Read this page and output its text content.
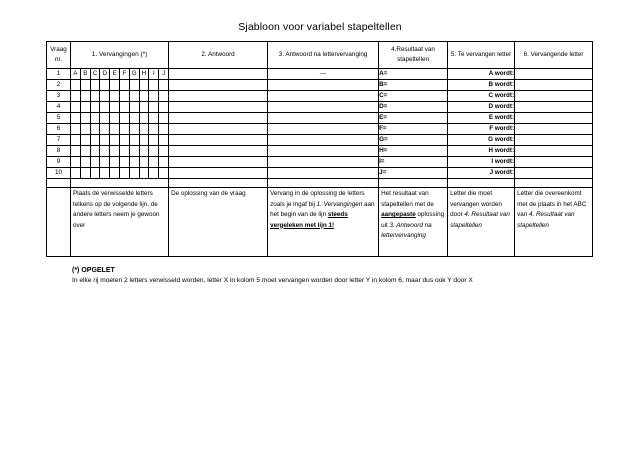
Sjabloon voor variabel stapeltellen
Vraag nr.	1. Vervangingen (*)										2. Antwoord	3. Antwoord na lettervervanging	4.Resultaat van stapeltellen	5. Te vervangen letter	6. Vervangende letter
1	A	B	C	D	E	F	G	H	I	J		—	A=	A wordt:	
2													B=	B wordt:	
3													C=	C wordt:	
4													D=	D wordt:	
5													E=	E wordt:	
6													F=	F wordt:	
7													G=	G wordt:	
8													H=	H wordt:	
9													I=	I wordt:	
10													J=	J wordt:	

	Plaats de verwisselde letters telkens op de volgende lijn, de andere letters neem je gewoon over										De oplossing van de vraag	Vervang in de oplossing de letters zoals je ingaf bij 1. Vervangingen aan het begin van de lijn steeds vergeleken met lijn 1!	Het resultaat van stapeltellen met de aangepaste oplossing uit 3. Antwoord na lettervervanging	Letter die moet vervangen worden door 4. Resultaat van stapeltellen	Letter die overeenkomt met de plaats in het ABC van 4. Resultaat van stapeltellen
(*) OPGELET
In elke rij moeten 2 letters verwisseld worden, letter X in kolom 5 moet vervangen worden door letter Y in kolom 6, maar dus ook Y door X
